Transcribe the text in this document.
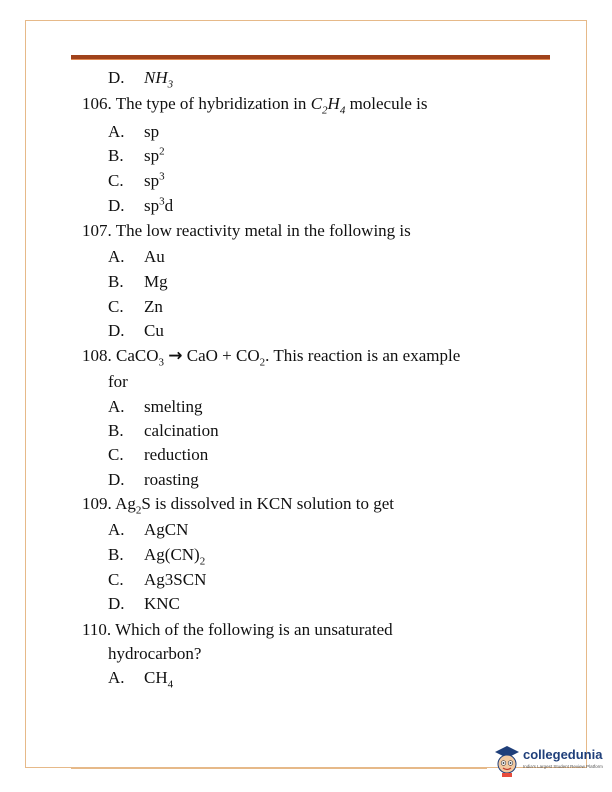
D. $NH_3$
106. The type of hybridization in $C_2H_4$ molecule is
A. sp
B. $sp^2$
C. $sp^3$
D. $sp^3d$
107. The low reactivity metal in the following is
A. Au
B. Mg
C. Zn
D. Cu
108. CaCO$_3$ → CaO + $CO_2$. This reaction is an example
for
A. smelting
B. calcination
C. reduction
D. roasting
109. $Ag_2S$ is dissolved in KCN solution to get
A. AgCN
B. $Ag(CN)_2$
C. Ag3SCN
D. KNC
110. Which of the following is an unsaturated
hydrocarbon?
A. $CH_4$
collegedunia
India's Largest Student Review Platform
